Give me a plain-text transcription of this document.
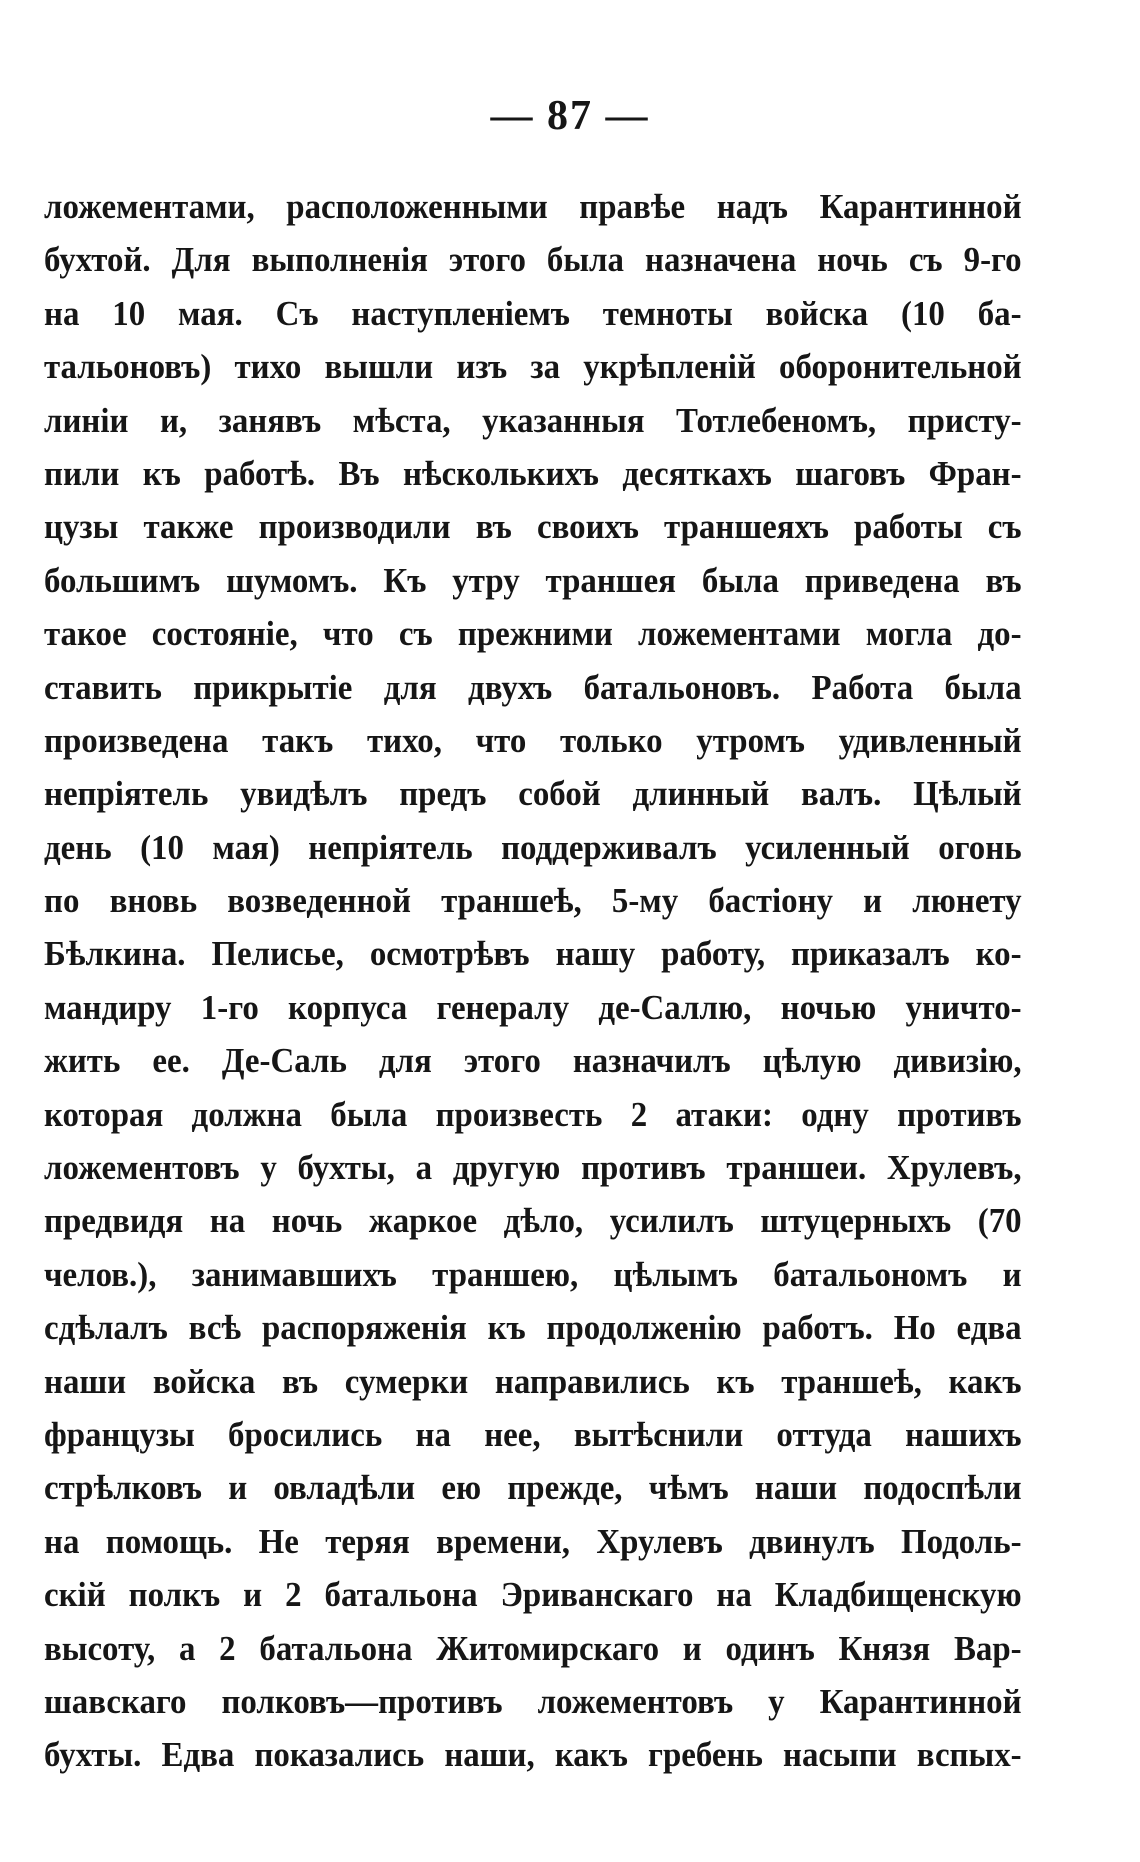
— 87 —
ложементами, расположенными правѣе надъ Карантинной
бухтой. Для выполненія этого была назначена ночь съ 9-го
на 10 мая. Съ наступленіемъ темноты войска (10 ба-
тальоновъ) тихо вышли изъ за укрѣпленій оборонительной
линіи и, занявъ мѣста, указанныя Тотлебеномъ, присту-
пили къ работѣ. Въ нѣсколькихъ десяткахъ шаговъ Фран-
цузы также производили въ своихъ траншеяхъ работы съ
большимъ шумомъ. Къ утру траншея была приведена въ
такое состояніе, что съ прежними ложементами могла до-
ставить прикрытіе для двухъ батальоновъ. Работа была
произведена такъ тихо, что только утромъ удивленный
непріятель увидѣлъ предъ собой длинный валъ. Цѣлый
день (10 мая) непріятель поддерживалъ усиленный огонь
по вновь возведенной траншеѣ, 5-му бастіону и люнету
Бѣлкина. Пелисье, осмотрѣвъ нашу работу, приказалъ ко-
мандиру 1-го корпуса генералу де-Саллю, ночью уничто-
жить ее. Де-Саль для этого назначилъ цѣлую дивизію,
которая должна была произвесть 2 атаки: одну противъ
ложементовъ у бухты, а другую противъ траншеи. Хрулевъ,
предвидя на ночь жаркое дѣло, усилилъ штуцерныхъ (70
челов.), занимавшихъ траншею, цѣлымъ батальономъ и
сдѣлалъ всѣ распоряженія къ продолженію работъ. Но едва
наши войска въ сумерки направились къ траншеѣ, какъ
французы бросились на нее, вытѣснили оттуда нашихъ
стрѣлковъ и овладѣли ею прежде, чѣмъ наши подоспѣли
на помощь. Не теряя времени, Хрулевъ двинулъ Подоль-
скій полкъ и 2 батальона Эриванскаго на Кладбищенскую
высоту, а 2 батальона Житомирскаго и одинъ Князя Вар-
шавскаго полковъ—противъ ложементовъ у Карантинной
бухты. Едва показались наши, какъ гребень насыпи вспых-
